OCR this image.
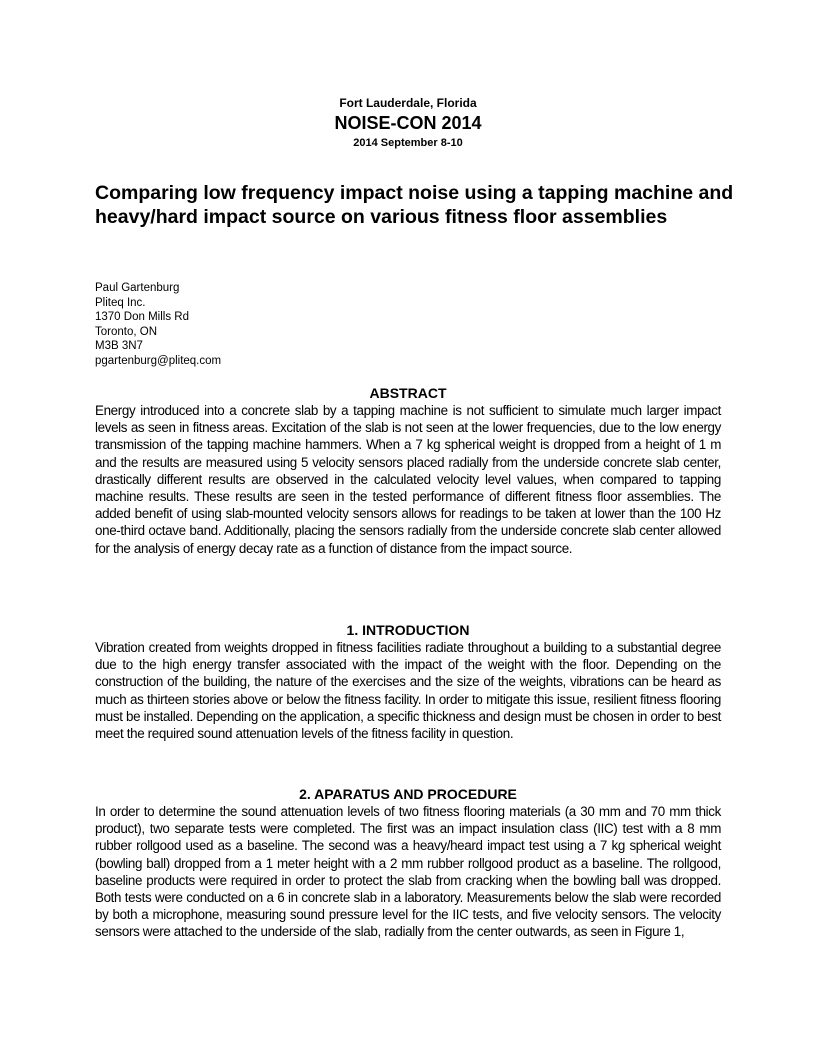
Fort Lauderdale, Florida
NOISE-CON 2014
2014 September 8-10
Comparing low frequency impact noise using a tapping machine and heavy/hard impact source on various fitness floor assemblies
Paul Gartenburg
Pliteq Inc.
1370 Don Mills Rd
Toronto, ON
M3B 3N7
pgartenburg@pliteq.com
ABSTRACT

Energy introduced into a concrete slab by a tapping machine is not sufficient to simulate much larger impact levels as seen in fitness areas. Excitation of the slab is not seen at the lower frequencies, due to the low energy transmission of the tapping machine hammers. When a 7 kg spherical weight is dropped from a height of 1 m and the results are measured using 5 velocity sensors placed radially from the underside concrete slab center, drastically different results are observed in the calculated velocity level values, when compared to tapping machine results. These results are seen in the tested performance of different fitness floor assemblies. The added benefit of using slab-mounted velocity sensors allows for readings to be taken at lower than the 100 Hz one-third octave band. Additionally, placing the sensors radially from the underside concrete slab center allowed for the analysis of energy decay rate as a function of distance from the impact source.

1. INTRODUCTION

Vibration created from weights dropped in fitness facilities radiate throughout a building to a substantial degree due to the high energy transfer associated with the impact of the weight with the floor. Depending on the construction of the building, the nature of the exercises and the size of the weights, vibrations can be heard as much as thirteen stories above or below the fitness facility. In order to mitigate this issue, resilient fitness flooring must be installed. Depending on the application, a specific thickness and design must be chosen in order to best meet the required sound attenuation levels of the fitness facility in question.

2. APARATUS AND PROCEDURE

In order to determine the sound attenuation levels of two fitness flooring materials (a 30 mm and 70 mm thick product), two separate tests were completed. The first was an impact insulation class (IIC) test with a 8 mm rubber rollgood used as a baseline. The second was a heavy/heard impact test using a 7 kg spherical weight (bowling ball) dropped from a 1 meter height with a 2 mm rubber rollgood product as a baseline. The rollgood, baseline products were required in order to protect the slab from cracking when the bowling ball was dropped. Both tests were conducted on a 6 in concrete slab in a laboratory. Measurements below the slab were recorded by both a microphone, measuring sound pressure level for the IIC tests, and five velocity sensors. The velocity sensors were attached to the underside of the slab, radially from the center outwards, as seen in Figure 1,
